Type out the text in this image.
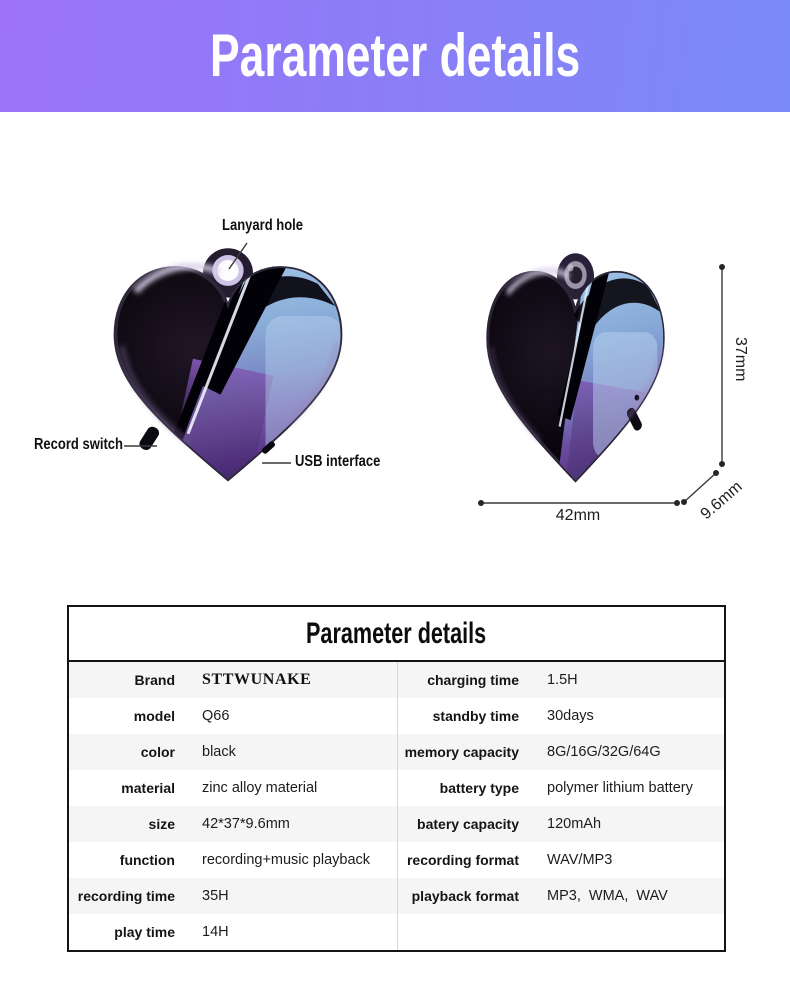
Parameter details
Lanyard hole
Record switch
USB interface
37mm
42mm	9.6mm
Parameter details
Brand STTWUNAKE	charging time 1.5H
model Q66	standby time 30days
color black	memory capacity 8G/16G/32G/64G
material zinc alloy material	battery type polymer lithium battery
size 42*37*9.6mm	batery capacity 120mAh
function recording+music playback	recording format WAV/MP3
recording time 35H	playback format MP3,  WMA,  WAV
play time 14H
